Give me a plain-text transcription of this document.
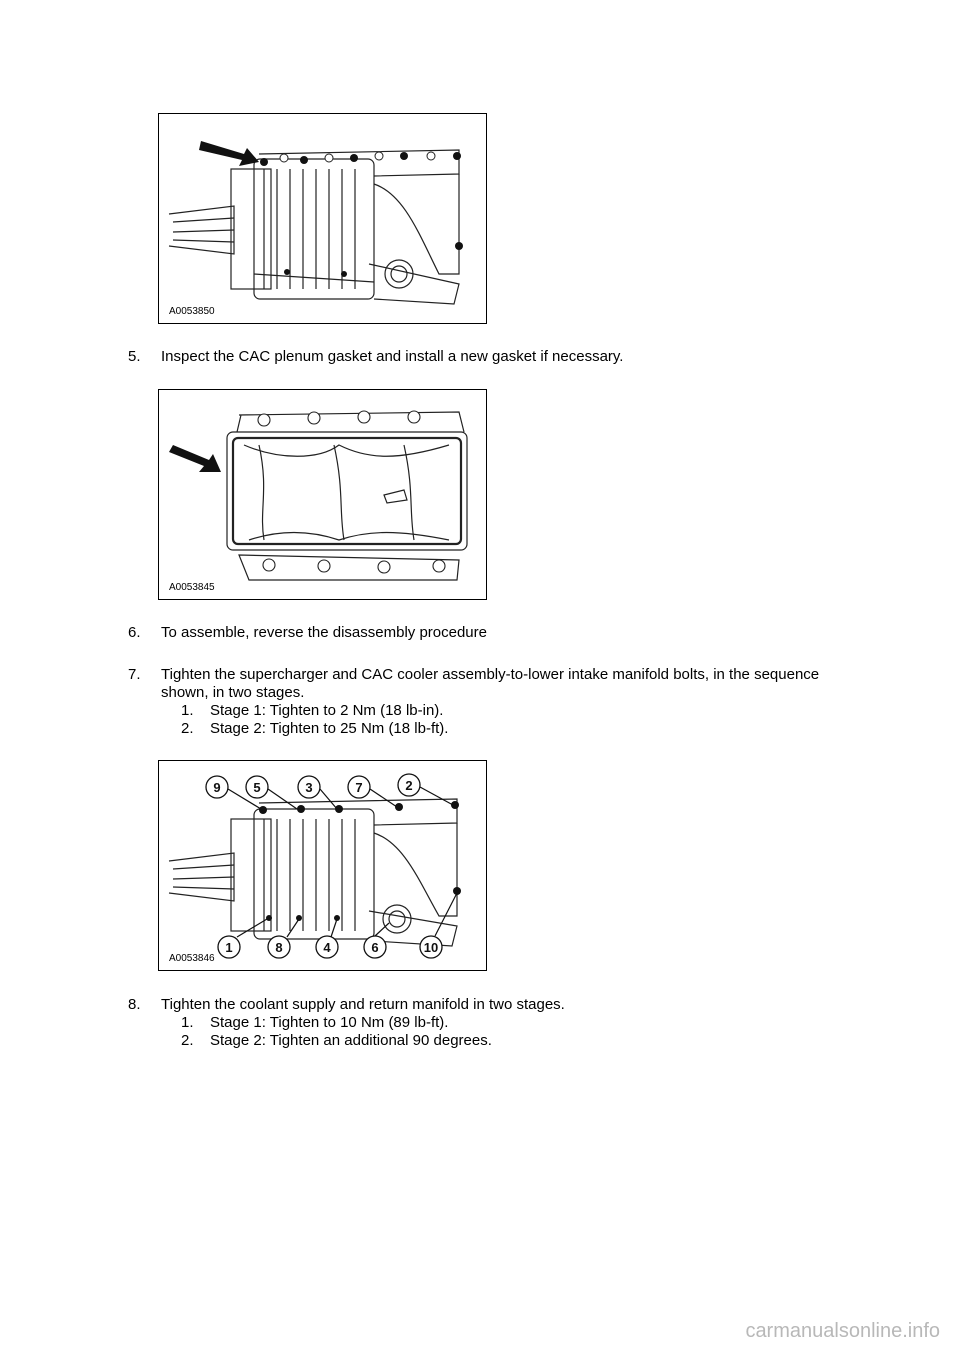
A0053850
5. Inspect the CAC plenum gasket and install a new gasket if necessary.
A0053845
6. To assemble, reverse the disassembly procedure
7. Tighten the supercharger and CAC cooler assembly-to-lower intake manifold bolts, in the sequence shown, in two stages.
1. Stage 1: Tighten to 2 Nm (18 lb-in).
2. Stage 2: Tighten to 25 Nm (18 lb-ft).
9	5	3	7	2
1	8	4	6	10
A0053846
8. Tighten the coolant supply and return manifold in two stages.
1. Stage 1: Tighten to 10 Nm (89 lb-ft).
2. Stage 2: Tighten an additional 90 degrees.
carmanualsonline.info
